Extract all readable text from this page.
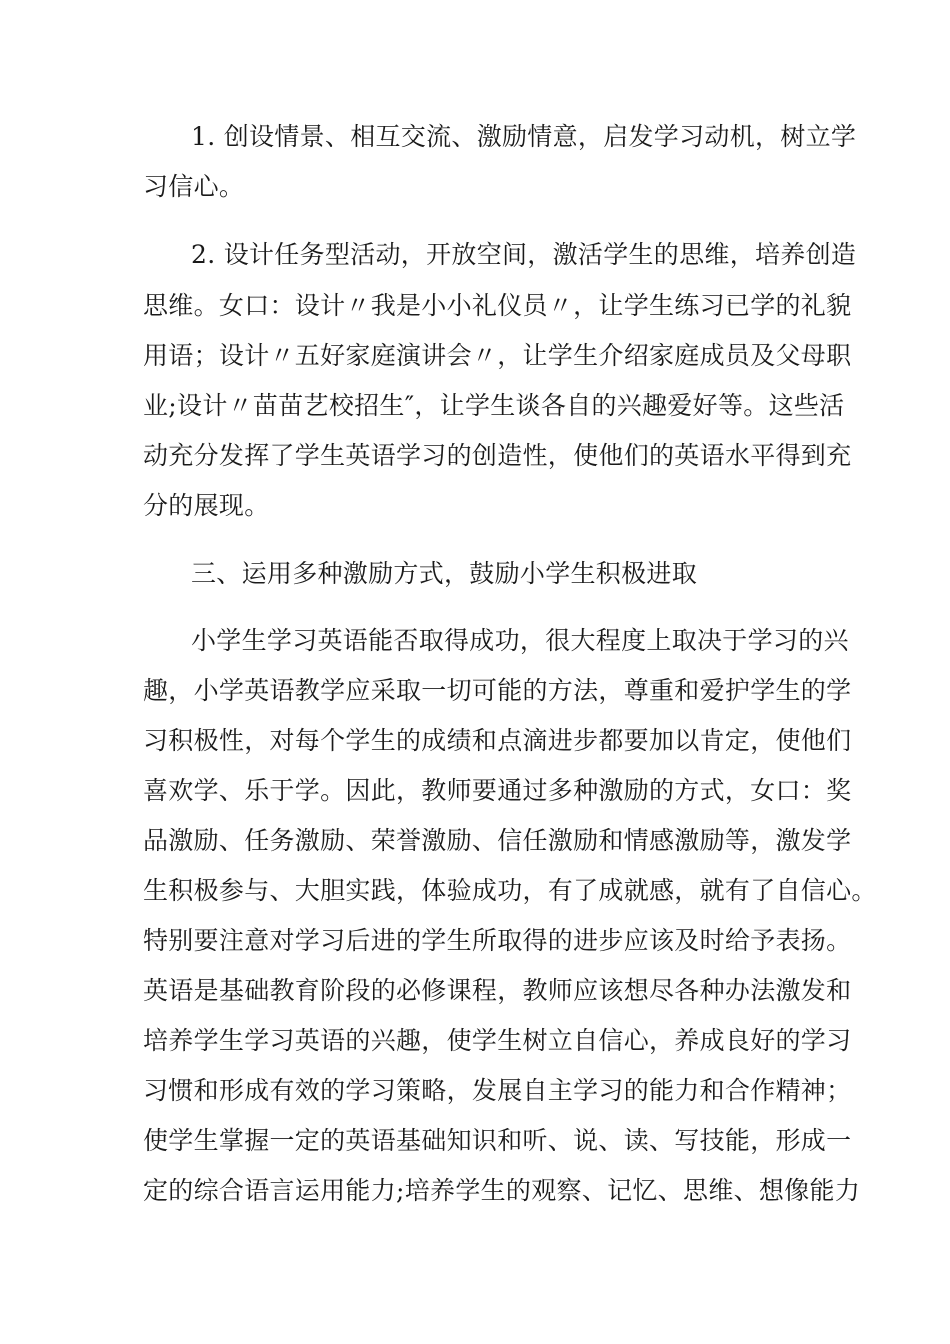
1. 创设情景、相互交流、激励情意，启发学习动机，树立学
习信心。
2. 设计任务型活动，开放空间，激活学生的思维，培养创造
思维。女口：设计〃我是小小礼仪员〃，让学生练习已学的礼貌
用语；设计〃五好家庭演讲会〃，让学生介绍家庭成员及父母职
业;设计〃苗苗艺校招生″，让学生谈各自的兴趣爱好等。这些活
动充分发挥了学生英语学习的创造性，使他们的英语水平得到充
分的展现。
三、运用多种激励方式，鼓励小学生积极进取
小学生学习英语能否取得成功，很大程度上取决于学习的兴
趣，小学英语教学应采取一切可能的方法，尊重和爱护学生的学
习积极性，对每个学生的成绩和点滴进步都要加以肯定，使他们
喜欢学、乐于学。因此，教师要通过多种激励的方式，女口：奖
品激励、任务激励、荣誉激励、信任激励和情感激励等，激发学
生积极参与、大胆实践，体验成功，有了成就感，就有了自信心。
特别要注意对学习后进的学生所取得的进步应该及时给予表扬。
英语是基础教育阶段的必修课程，教师应该想尽各种办法激发和
培养学生学习英语的兴趣，使学生树立自信心，养成良好的学习
习惯和形成有效的学习策略，发展自主学习的能力和合作精神；
使学生掌握一定的英语基础知识和听、说、读、写技能，形成一
定的综合语言运用能力;培养学生的观察、记忆、思维、想像能力
